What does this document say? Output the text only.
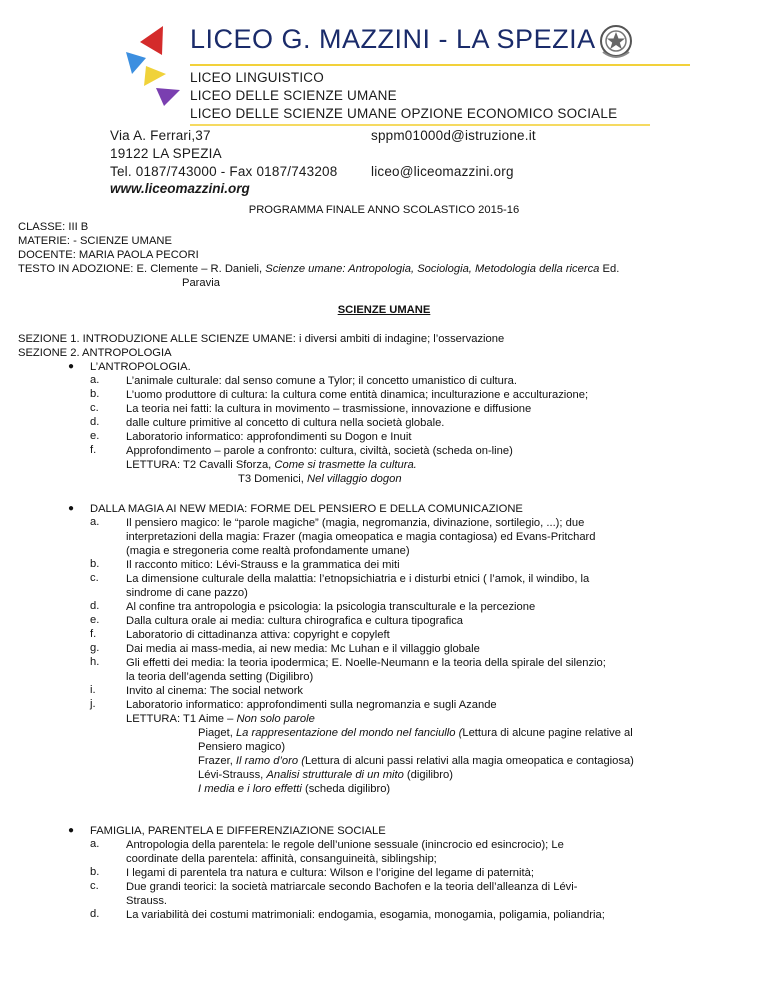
LICEO G. MAZZINI - LA SPEZIA
LICEO LINGUISTICO
LICEO DELLE SCIENZE UMANE
LICEO DELLE SCIENZE UMANE OPZIONE ECONOMICO SOCIALE
Via A. Ferrari,37
19122 LA SPEZIA
Tel. 0187/743000 - Fax 0187/743208
sppm01000d@istruzione.it
liceo@liceomazzini.org
www.liceomazzini.org
PROGRAMMA FINALE ANNO SCOLASTICO 2015-16
CLASSE: III B
MATERIE: - SCIENZE UMANE
DOCENTE: MARIA PAOLA PECORI
TESTO IN ADOZIONE: E. Clemente – R. Danieli, Scienze umane: Antropologia, Sociologia, Metodologia della ricerca Ed.
Paravia
SCIENZE UMANE
SEZIONE 1. INTRODUZIONE ALLE SCIENZE UMANE: i diversi ambiti di indagine; l’osservazione
SEZIONE 2. ANTROPOLOGIA
● L’ANTROPOLOGIA.
a. L’animale culturale: dal senso comune a Tylor; il concetto umanistico di cultura.
b. L’uomo produttore di cultura: la cultura come entità dinamica; inculturazione e acculturazione;
c. La teoria nei fatti: la cultura in movimento – trasmissione, innovazione e diffusione
d. dalle culture primitive al concetto di cultura nella società globale.
e. Laboratorio informatico: approfondimenti su Dogon e Inuit
f.	Approfondimento – parole a confronto: cultura, civiltà, società (scheda on-line)
LETTURA: T2 Cavalli Sforza, Come si trasmette la cultura.
T3 Domenici, Nel villaggio dogon
● DALLA MAGIA AI NEW MEDIA: FORME DEL PENSIERO E DELLA COMUNICAZIONE
a. Il pensiero magico: le “parole magiche” (magia, negromanzia, divinazione, sortilegio, ...); due
interpretazioni della magia: Frazer (magia omeopatica e magia contagiosa) ed Evans-Pritchard
(magia e stregoneria come realtà profondamente umane)
b. Il racconto mitico: Lévi-Strauss e la grammatica dei miti
c. La dimensione culturale della malattia: l’etnopsichiatria e i disturbi etnici ( l’amok, il windibo, la
sindrome di cane pazzo)
d. Al confine tra antropologia e psicologia: la psicologia transculturale e la percezione
e. Dalla cultura orale ai media: cultura chirografica e cultura tipografica
f.	Laboratorio di cittadinanza attiva: copyright e copyleft
g. Dai media ai mass-media, ai new media: Mc Luhan e il villaggio globale
h. Gli effetti dei media: la teoria ipodermica; E. Noelle-Neumann e la teoria della spirale del silenzio;
la teoria dell’agenda setting (Digilibro)
i.	Invito al cinema: The social network
j.	Laboratorio informatico: approfondimenti sulla negromanzia e sugli Azande
LETTURA: T1 Aime – Non solo parole
Piaget, La rappresentazione del mondo nel fanciullo (Lettura di alcune pagine relative al
Pensiero magico)
Frazer, Il ramo d’oro (Lettura di alcuni passi relativi alla magia omeopatica e contagiosa)
Lévi-Strauss, Analisi strutturale di un mito (digilibro)
I media e i loro effetti (scheda digilibro)
● FAMIGLIA, PARENTELA E DIFFERENZIAZIONE SOCIALE
a. Antropologia della parentela: le regole dell’unione sessuale (inincrocio ed esincrocio); Le
coordinate della parentela: affinità, consanguineità, siblingship;
b. I legami di parentela tra natura e cultura: Wilson e l’origine del legame di paternità;
c. Due grandi teorici: la società matriarcale secondo Bachofen e la teoria dell’alleanza di Lévi-
Strauss.
d. La variabilità dei costumi matrimoniali: endogamia, esogamia, monogamia, poligamia, poliandria;
